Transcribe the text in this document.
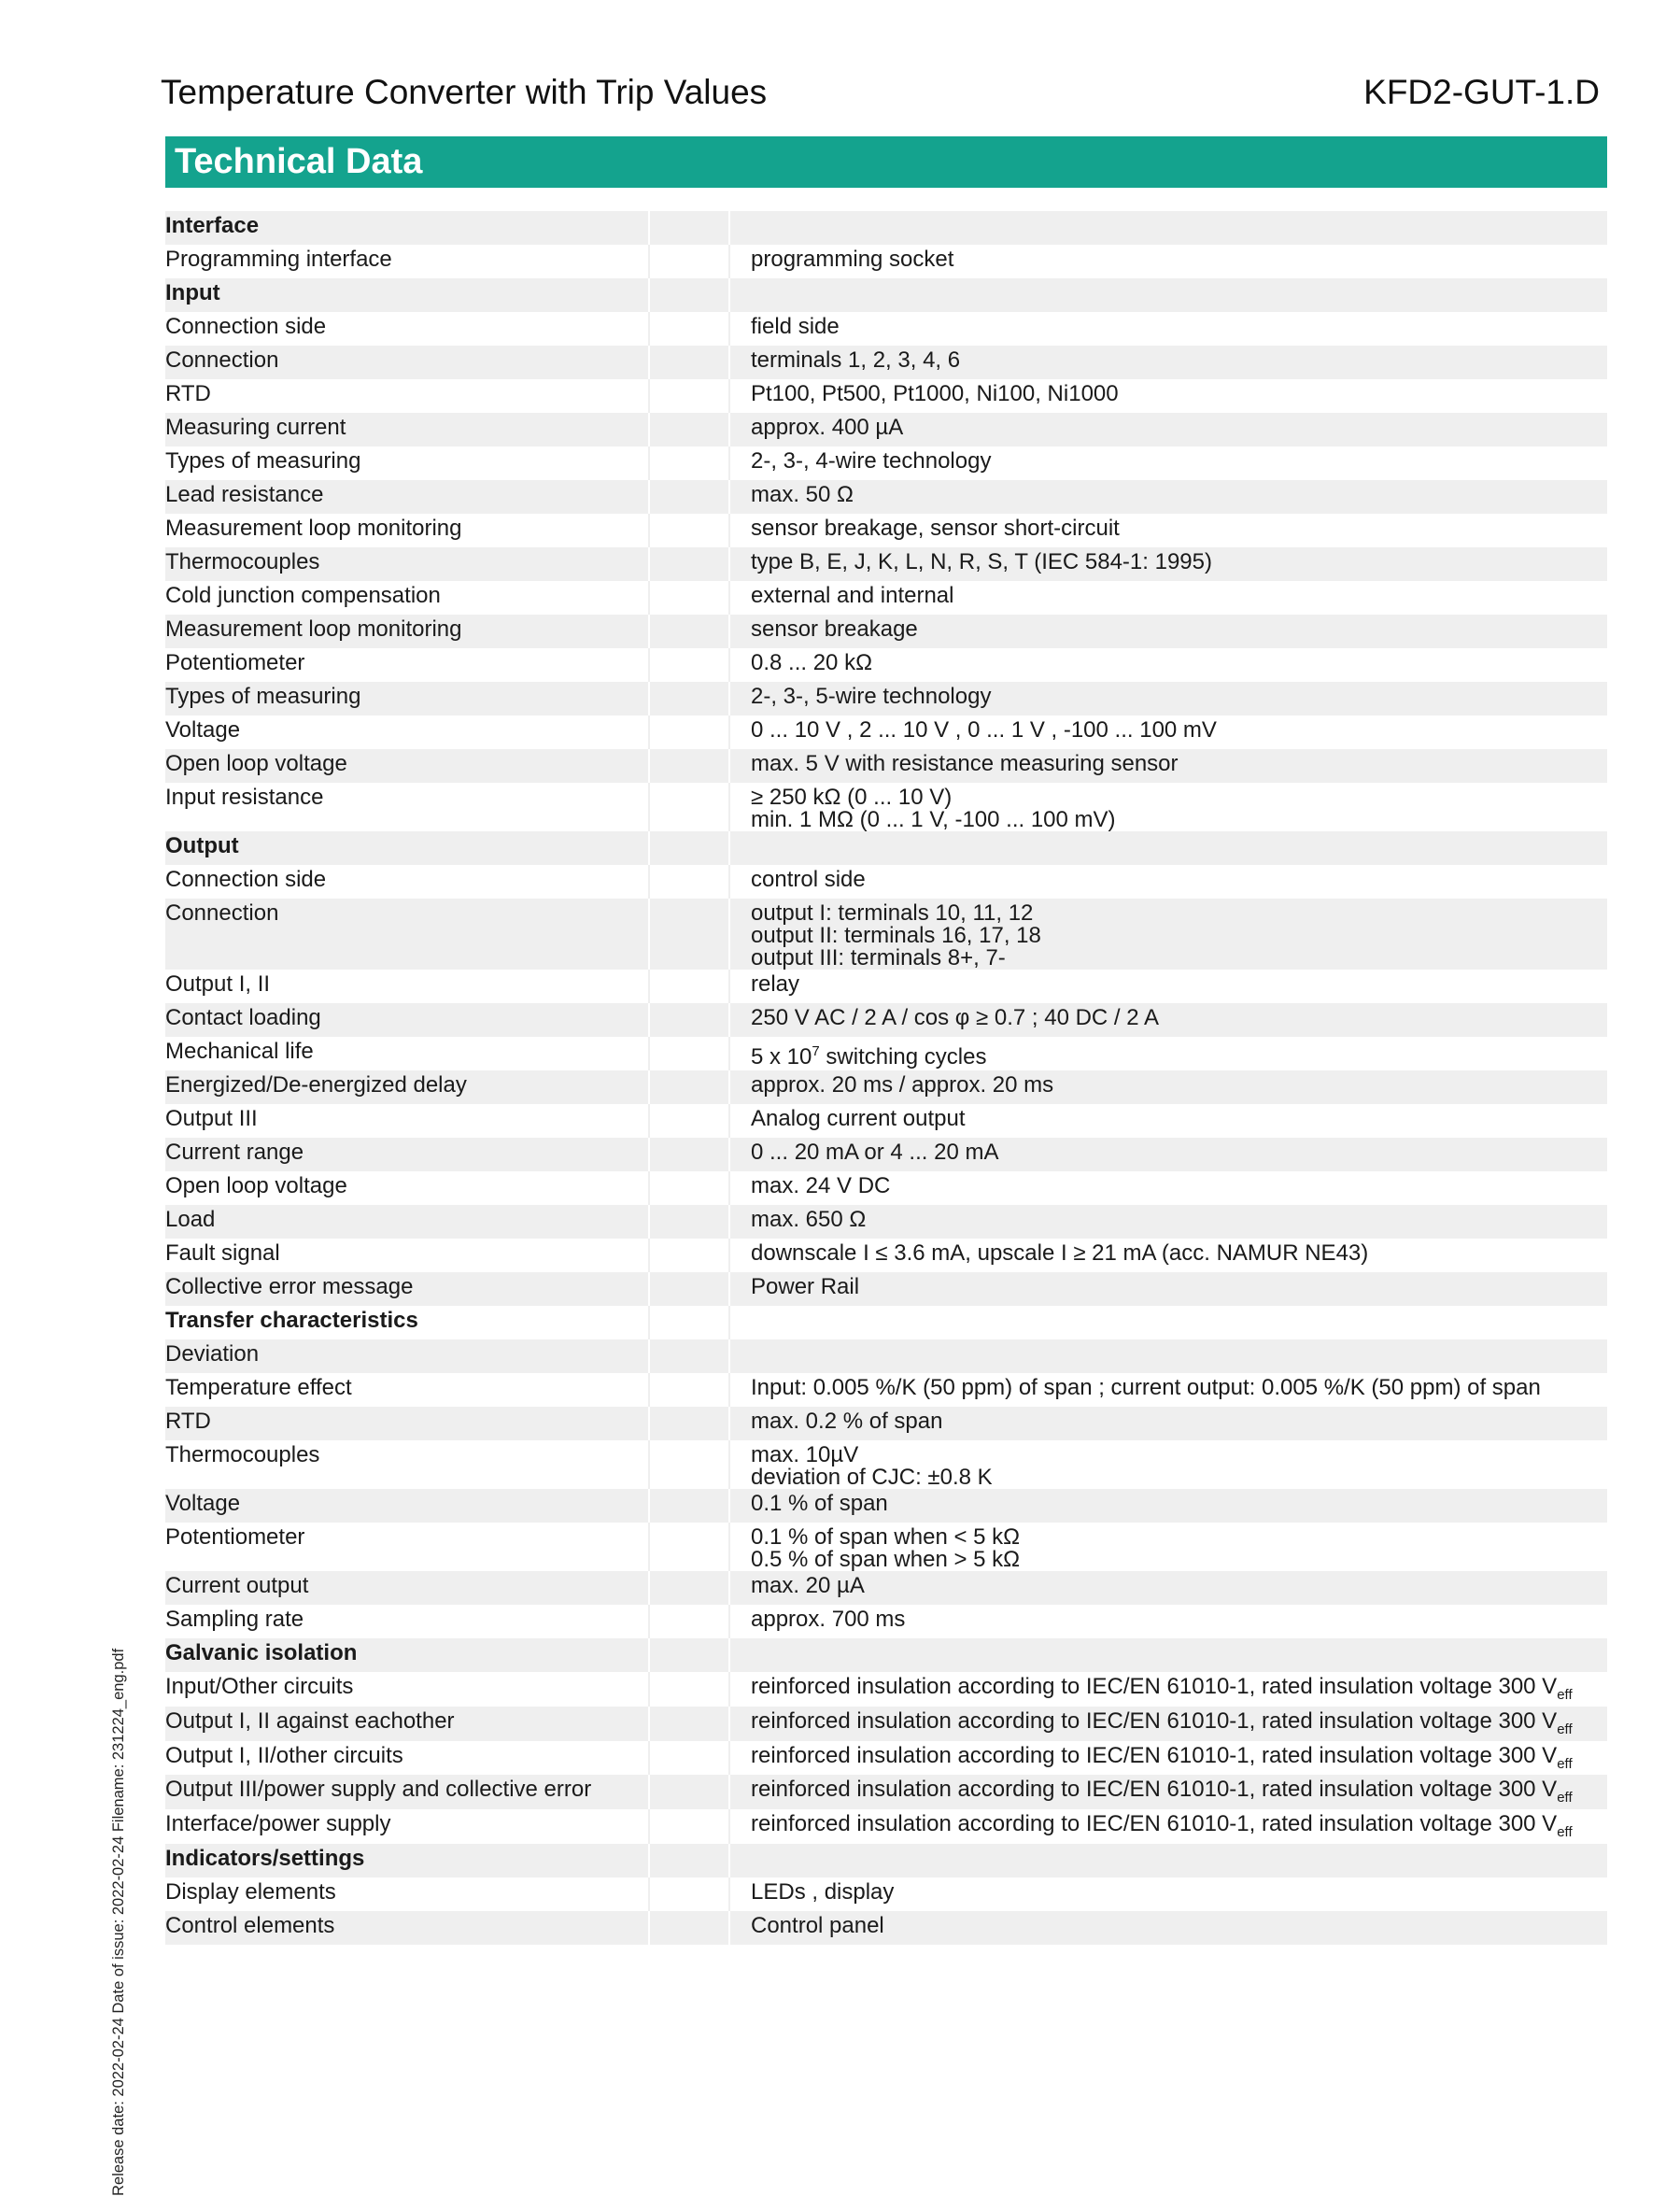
Temperature Converter with Trip Values	KFD2-GUT-1.D
Technical Data
Interface		
Programming interface		programming socket
Input		
Connection side		field side
Connection		terminals 1, 2, 3, 4, 6
RTD		Pt100, Pt500, Pt1000, Ni100, Ni1000
Measuring current		approx. 400 µA
Types of measuring		2-, 3-, 4-wire technology
Lead resistance		max. 50 Ω
Measurement loop monitoring		sensor breakage, sensor short-circuit
Thermocouples		type B, E, J, K, L, N, R, S, T (IEC 584-1: 1995)
Cold junction compensation		external and internal
Measurement loop monitoring		sensor breakage
Potentiometer		0.8 ... 20 kΩ
Types of measuring		2-, 3-, 5-wire technology
Voltage		0 ... 10 V , 2 ... 10 V , 0 ... 1 V , -100 ... 100 mV
Open loop voltage		max. 5 V with resistance measuring sensor
Input resistance		≥ 250 kΩ (0 ... 10 V)
min. 1 MΩ (0 ... 1 V, -100 ... 100 mV)
Output		
Connection side		control side
Connection		output I: terminals 10, 11, 12
output II: terminals 16, 17, 18
output III: terminals 8+, 7-
Output I, II		relay
Contact loading		250 V AC / 2 A / cos φ ≥ 0.7 ; 40 DC / 2 A
Mechanical life		5 x $10^7$ switching cycles
Energized/De-energized delay		approx. 20 ms / approx. 20 ms
Output III		Analog current output
Current range		0 ... 20 mA or 4 ... 20 mA
Open loop voltage		max. 24 V DC
Load		max. 650 Ω
Fault signal		downscale I ≤ 3.6 mA, upscale I ≥ 21 mA (acc. NAMUR NE43)
Collective error message		Power Rail
Transfer characteristics		
Deviation		
Temperature effect		Input: 0.005 %/K (50 ppm) of span ; current output: 0.005 %/K (50 ppm) of span
RTD		max. 0.2 % of span
Thermocouples		max. 10µV
deviation of CJC: ±0.8 K
Voltage		0.1 % of span
Potentiometer		0.1 % of span when < 5 kΩ
0.5 % of span when > 5 kΩ
Current output		max. 20 µA
Sampling rate		approx. 700 ms
Galvanic isolation		
Input/Other circuits		reinforced insulation according to IEC/EN 61010-1, rated insulation voltage 300 $V_{eff}$
Output I, II against eachother		reinforced insulation according to IEC/EN 61010-1, rated insulation voltage 300 $V_{eff}$
Output I, II/other circuits		reinforced insulation according to IEC/EN 61010-1, rated insulation voltage 300 $V_{eff}$
Output III/power supply and collective error		reinforced insulation according to IEC/EN 61010-1, rated insulation voltage 300 $V_{eff}$
Interface/power supply		reinforced insulation according to IEC/EN 61010-1, rated insulation voltage 300 $V_{eff}$
Indicators/settings		
Display elements		LEDs , display
Control elements		Control panel
Release date: 2022-02-24 Date of issue: 2022-02-24 Filename: 231224_eng.pdf
